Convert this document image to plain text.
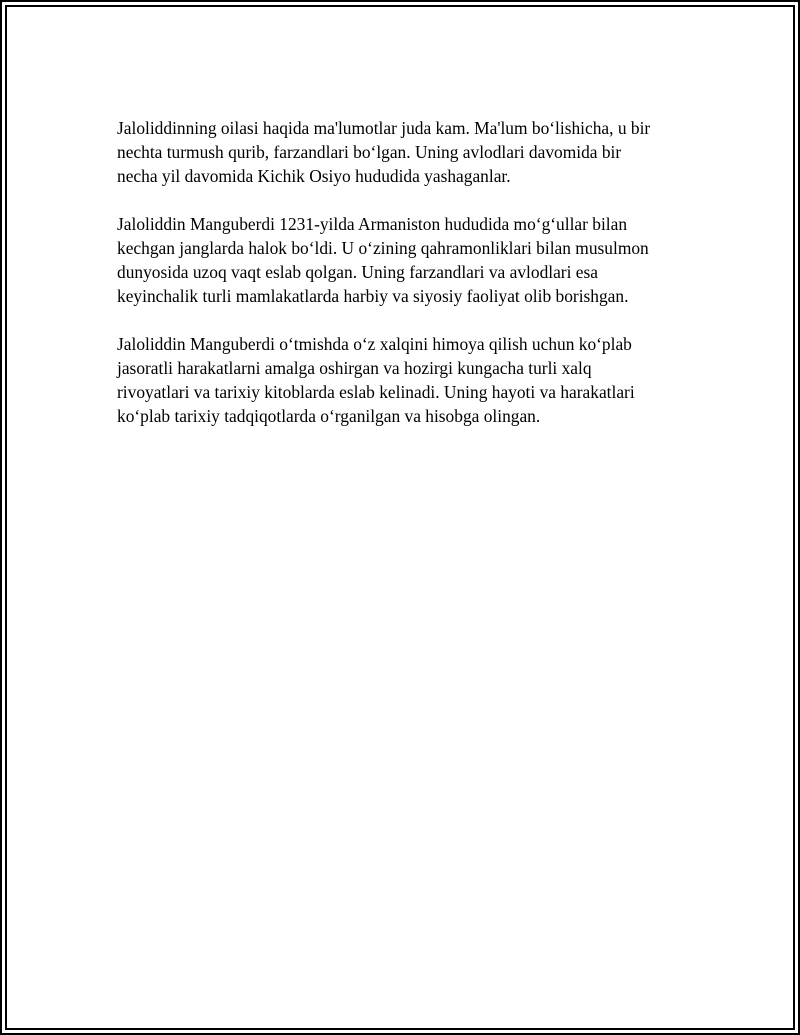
Jaloliddinning oilasi haqida ma'lumotlar juda kam. Ma'lum bo‘lishicha, u bir
nechta turmush qurib, farzandlari bo‘lgan. Uning avlodlari davomida bir
necha yil davomida Kichik Osiyo hududida yashaganlar.

Jaloliddin Manguberdi 1231-yilda Armaniston hududida mo‘g‘ullar bilan
kechgan janglarda halok bo‘ldi. U o‘zining qahramonliklari bilan musulmon
dunyosida uzoq vaqt eslab qolgan. Uning farzandlari va avlodlari esa
keyinchalik turli mamlakatlarda harbiy va siyosiy faoliyat olib borishgan.

Jaloliddin Manguberdi o‘tmishda o‘z xalqini himoya qilish uchun ko‘plab
jasoratli harakatlarni amalga oshirgan va hozirgi kungacha turli xalq
rivoyatlari va tarixiy kitoblarda eslab kelinadi. Uning hayoti va harakatlari
ko‘plab tarixiy tadqiqotlarda o‘rganilgan va hisobga olingan.
